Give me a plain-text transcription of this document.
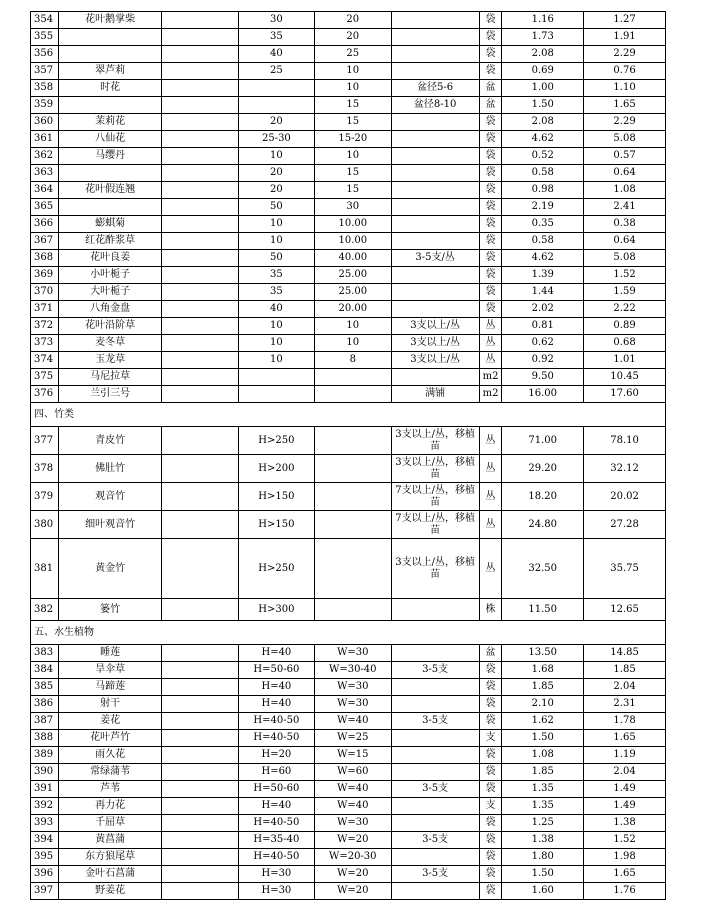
354	花叶鹅掌柴		30	20		袋	1.16	1.27
355			35	20		袋	1.73	1.91
356			40	25		袋	2.08	2.29
357	翠芦莉		25	10		袋	0.69	0.76
358	时花			10	盆径5-6	盆	1.00	1.10
359				15	盆径8-10	盆	1.50	1.65
360	茉莉花		20	15		袋	2.08	2.29
361	八仙花		25-30	15-20		袋	4.62	5.08
362	马缨丹		10	10		袋	0.52	0.57
363			20	15		袋	0.58	0.64
364	花叶假连翘		20	15		袋	0.98	1.08
365			50	30		袋	2.19	2.41
366	蟛蜞菊		10	10.00		袋	0.35	0.38
367	红花酢浆草		10	10.00		袋	0.58	0.64
368	花叶良姜		50	40.00	3-5支/丛	袋	4.62	5.08
369	小叶栀子		35	25.00		袋	1.39	1.52
370	大叶栀子		35	25.00		袋	1.44	1.59
371	八角金盘		40	20.00		袋	2.02	2.22
372	花叶沿阶草		10	10	3支以上/丛	丛	0.81	0.89
373	麦冬草		10	10	3支以上/丛	丛	0.62	0.68
374	玉龙草		10	8	3支以上/丛	丛	0.92	1.01
375	马尼拉草					m2	9.50	10.45
376	兰引三号				满铺	m2	16.00	17.60
四、竹类								
377	青皮竹		H>250		3支以上/丛，移植苗	丛	71.00	78.10
378	佛肚竹		H>200		3支以上/丛，移植苗	丛	29.20	32.12
379	观音竹		H>150		7支以上/丛，移植苗	丛	18.20	20.02
380	细叶观音竹		H>150		7支以上/丛，移植苗	丛	24.80	27.28
381	黄金竹		H>250		3支以上/丛，移植苗	丛	32.50	35.75
382	篓竹		H>300			株	11.50	12.65
五、水生植物								
383	睡莲		H=40	W=30		盆	13.50	14.85
384	旱伞草		H=50-60	W=30-40	3-5支	袋	1.68	1.85
385	马蹄莲		H=40	W=30		袋	1.85	2.04
386	射干		H=40	W=30		袋	2.10	2.31
387	姜花		H=40-50	W=40	3-5支	袋	1.62	1.78
388	花叶芦竹		H=40-50	W=25		支	1.50	1.65
389	雨久花		H=20	W=15		袋	1.08	1.19
390	常绿蒲苇		H=60	W=60		袋	1.85	2.04
391	芦苇		H=50-60	W=40	3-5支	袋	1.35	1.49
392	再力花		H=40	W=40		支	1.35	1.49
393	千屈草		H=40-50	W=30		袋	1.25	1.38
394	黄菖蒲		H=35-40	W=20	3-5支	袋	1.38	1.52
395	东方狼尾草		H=40-50	W=20-30		袋	1.80	1.98
396	金叶石菖蒲		H=30	W=20	3-5支	袋	1.50	1.65
397	野姜花		H=30	W=20		袋	1.60	1.76
